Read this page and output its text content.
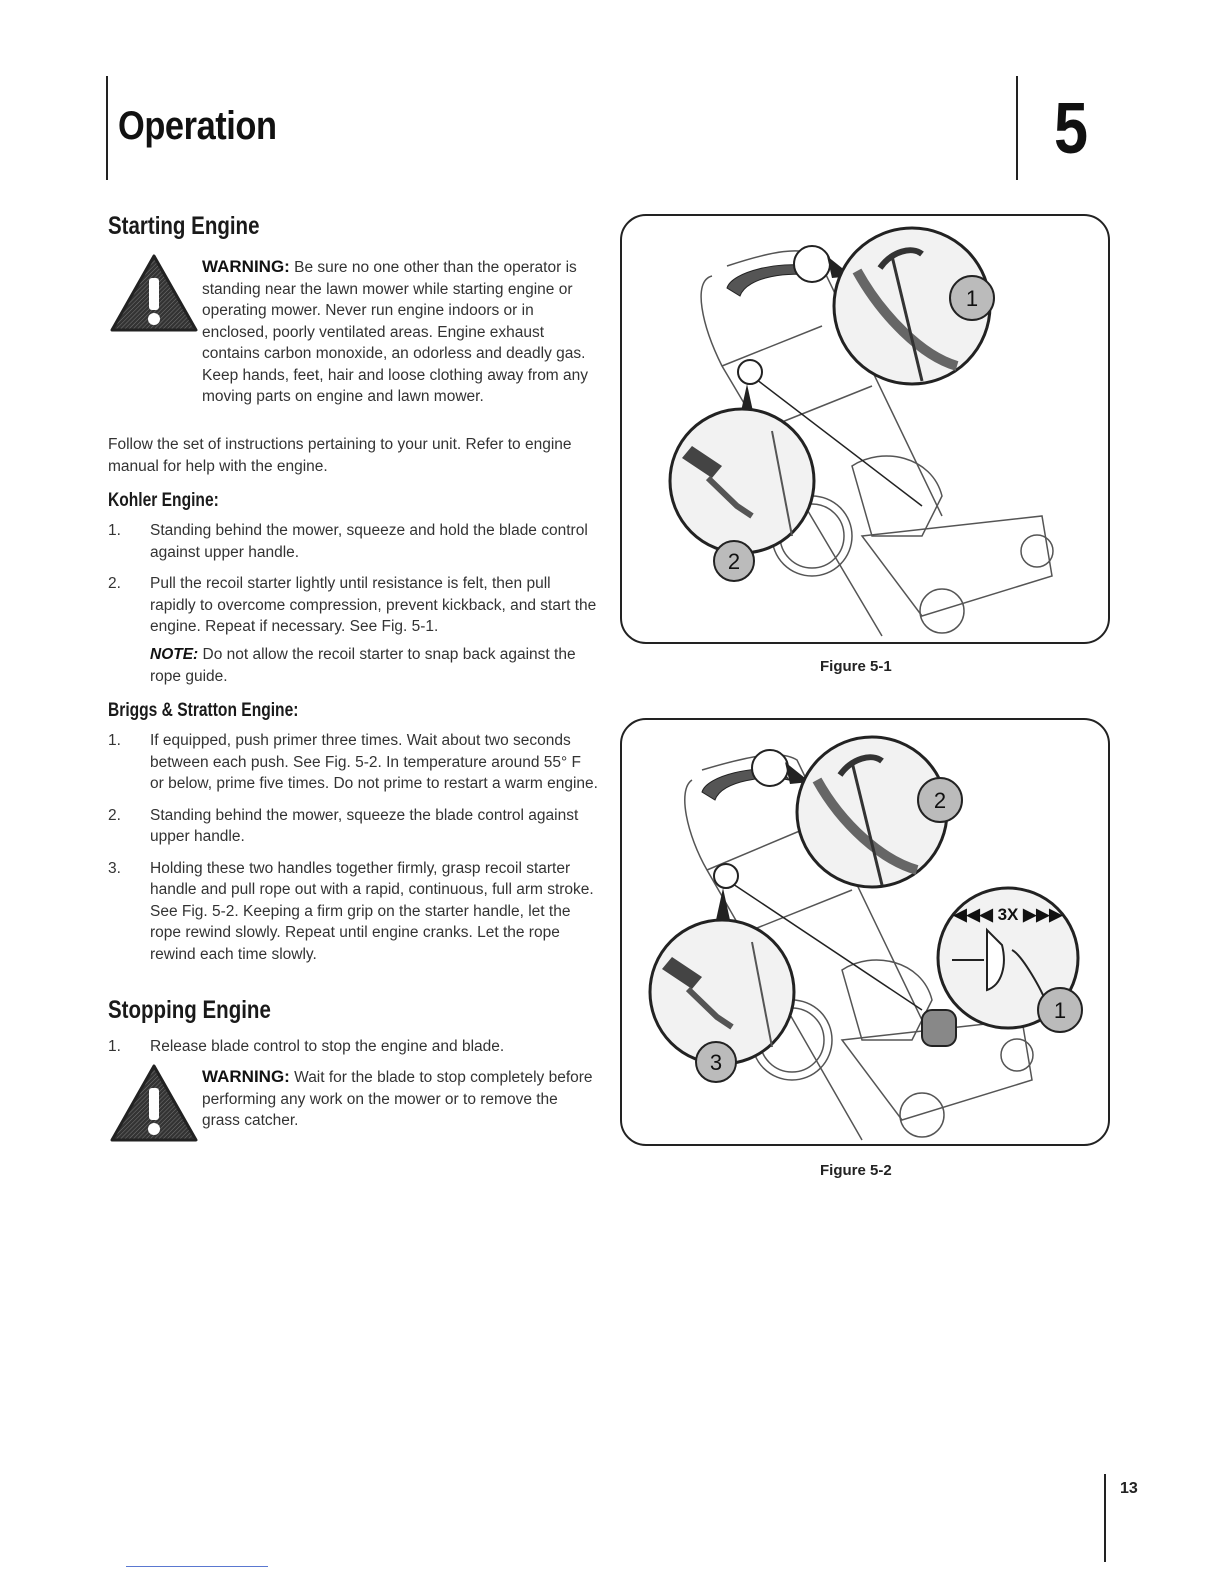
Operation	5
Starting Engine
WARNING: Be sure no one other than the operator is standing near the lawn mower while starting engine or operating mower. Never run engine indoors or in enclosed, poorly ventilated areas. Engine exhaust contains carbon monoxide, an odorless and deadly gas. Keep hands, feet, hair and loose clothing away from any moving parts on engine and lawn mower.
Follow the set of instructions pertaining to your unit. Refer to engine manual for help with the engine.
Kohler Engine:
1. Standing behind the mower, squeeze and hold the blade control against upper handle.
2. Pull the recoil starter lightly until resistance is felt, then pull rapidly to overcome compression, prevent kickback, and start the engine. Repeat if necessary. See Fig. 5-1.
NOTE: Do not allow the recoil starter to snap back against the rope guide.
Briggs & Stratton Engine:
1. If equipped, push primer three times. Wait about two seconds between each push. See Fig. 5-2. In temperature around 55° F or below, prime five times. Do not prime to restart a warm engine.
2. Standing behind the mower, squeeze the blade control against upper handle.
3. Holding these two handles together firmly, grasp recoil starter handle and pull rope out with a rapid, continuous, full arm stroke. See Fig. 5-2. Keeping a firm grip on the starter handle, let the rope rewind slowly. Repeat until engine cranks. Let the rope rewind each time slowly.
Stopping Engine
1. Release blade control to stop the engine and blade.
WARNING: Wait for the blade to stop completely before performing any work on the mower or to remove the grass catcher.
1
2
Figure 5-1
2
◀◀◀ 3X ▶▶▶
1
3
Figure 5-2
13
